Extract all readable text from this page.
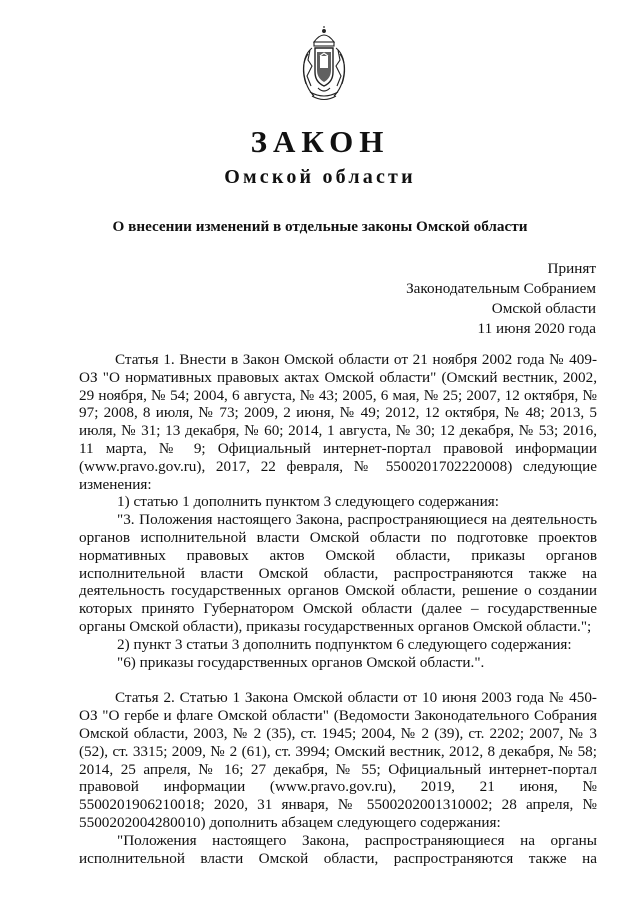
ЗАКОН
Омской области
О внесении изменений в отдельные законы Омской области
Принят
Законодательным Собранием
Омской области
11 июня 2020 года

Статья 1. Внести в Закон Омской области от 21 ноября 2002 года № 409-ОЗ "О нормативных правовых актах Омской области" (Омский вестник, 2002, 29 ноября, № 54; 2004, 6 августа, № 43; 2005, 6 мая, № 25; 2007, 12 октября, № 97; 2008, 8 июля, № 73; 2009, 2 июня, № 49; 2012, 12 октября, № 48; 2013, 5 июля, № 31; 13 декабря, № 60; 2014, 1 августа, № 30; 12 декабря, № 53; 2016, 11 марта, № 9; Официальный интернет-портал правовой информации (www.pravo.gov.ru), 2017, 22 февраля, № 5500201702220008) следующие изменения:

1) статью 1 дополнить пунктом 3 следующего содержания:

"3. Положения настоящего Закона, распространяющиеся на деятельность органов исполнительной власти Омской области по подготовке проектов нормативных правовых актов Омской области, приказы органов исполнительной власти Омской области, распространяются также на деятельность государственных органов Омской области, решение о создании которых принято Губернатором Омской области (далее – государственные органы Омской области), приказы государственных органов Омской области.";

2) пункт 3 статьи 3 дополнить подпунктом 6 следующего содержания:

"6) приказы государственных органов Омской области.".

Статья 2. Статью 1 Закона Омской области от 10 июня 2003 года № 450-ОЗ "О гербе и флаге Омской области" (Ведомости Законодательного Собрания Омской области, 2003, № 2 (35), ст. 1945; 2004, № 2 (39), ст. 2202; 2007, № 3 (52), ст. 3315; 2009, № 2 (61), ст. 3994; Омский вестник, 2012, 8 декабря, № 58; 2014, 25 апреля, № 16; 27 декабря, № 55; Официальный интернет-портал правовой информации (www.pravo.gov.ru), 2019, 21 июня, № 5500201906210018; 2020, 31 января, № 5500202001310002; 28 апреля, № 5500202004280010) дополнить абзацем следующего содержания:

"Положения настоящего Закона, распространяющиеся на органы исполнительной власти Омской области, распространяются также на
